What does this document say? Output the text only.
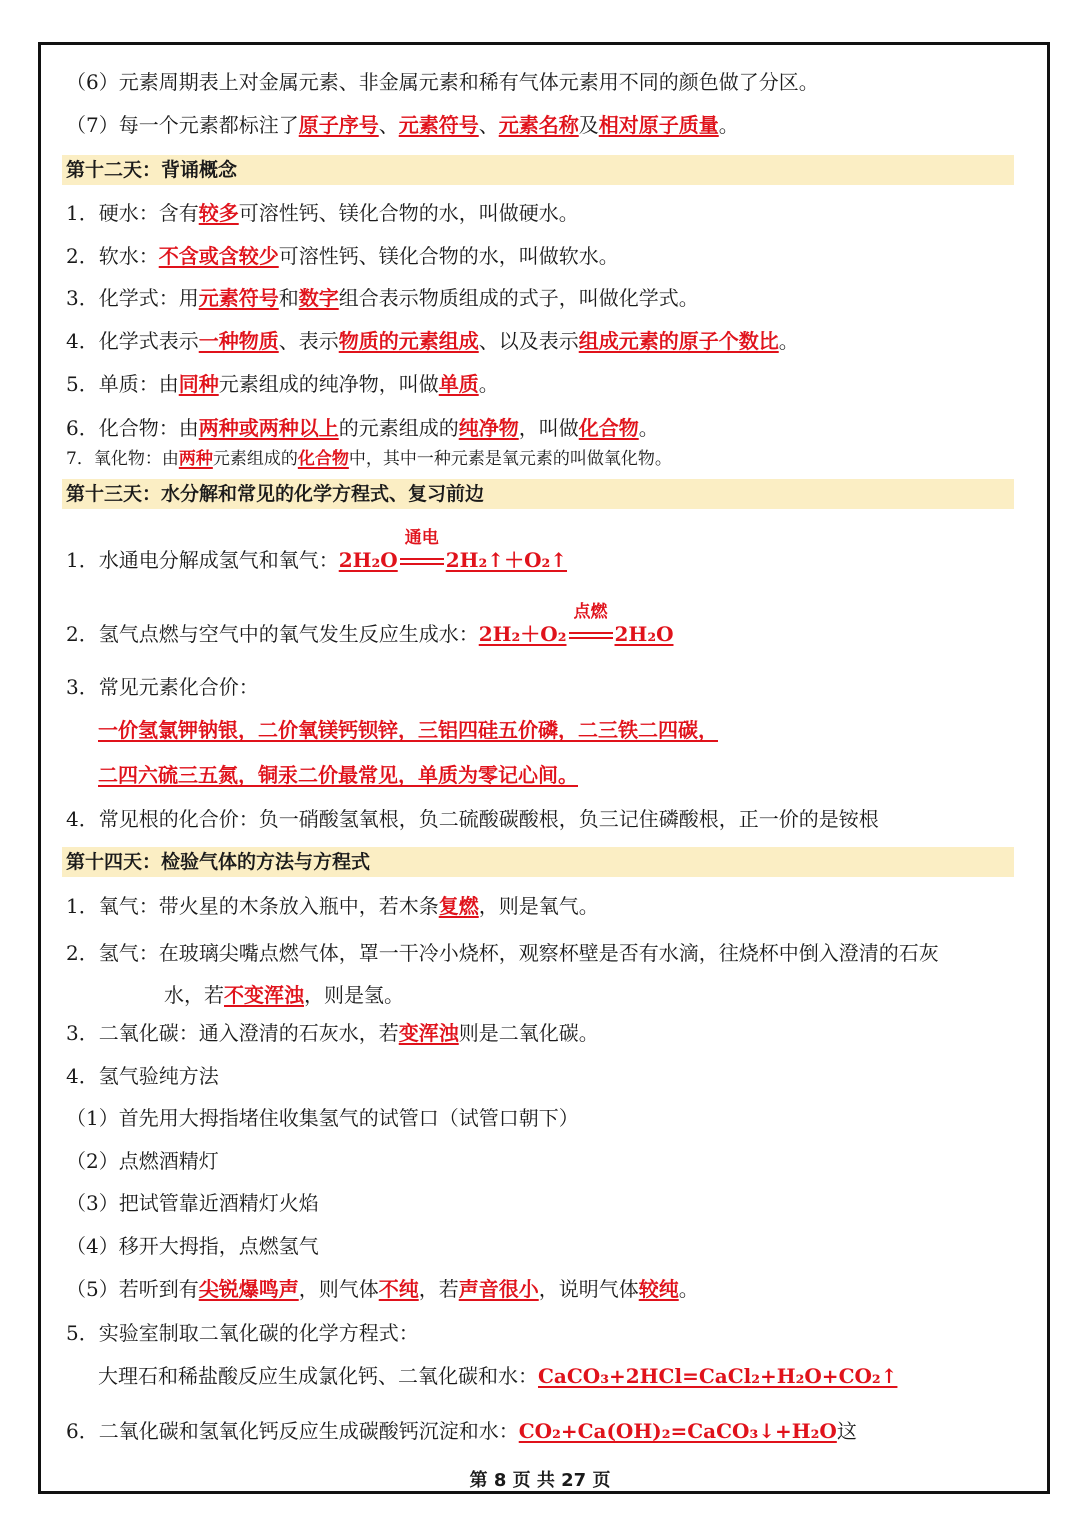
（6）元素周期表上对金属元素、非金属元素和稀有气体元素用不同的颜色做了分区。
（7）每一个元素都标注了原子序号、元素符号、元素名称及相对原子质量。
第十二天：背诵概念
1．硬水：含有较多可溶性钙、镁化合物的水，叫做硬水。
2．软水：不含或含较少可溶性钙、镁化合物的水，叫做软水。
3．化学式：用元素符号和数字组合表示物质组成的式子，叫做化学式。
4．化学式表示一种物质、表示物质的元素组成、以及表示组成元素的原子个数比。
5．单质：由同种元素组成的纯净物，叫做单质。
6．化合物：由两种或两种以上的元素组成的纯净物，叫做化合物。
7．氧化物：由两种元素组成的化合物中，其中一种元素是氧元素的叫做氧化物。
第十三天：水分解和常见的化学方程式、复习前边
1．水通电分解成氢气和氧气：2H₂O
通电
2H₂↑＋O₂↑
2．氢气点燃与空气中的氧气发生反应生成水：2H₂＋O₂
点燃
2H₂O
3．常见元素化合价：
一价氢氯钾钠银，二价氧镁钙钡锌，三铝四硅五价磷，二三铁二四碳，
二四六硫三五氮，铜汞二价最常见，单质为零记心间。
4．常见根的化合价：负一硝酸氢氧根，负二硫酸碳酸根，负三记住磷酸根，正一价的是铵根
第十四天：检验气体的方法与方程式
1．氧气：带火星的木条放入瓶中，若木条复燃，则是氧气。
2．氢气：在玻璃尖嘴点燃气体，罩一干冷小烧杯，观察杯壁是否有水滴，往烧杯中倒入澄清的石灰
水，若不变浑浊，则是氢。
3．二氧化碳：通入澄清的石灰水，若变浑浊则是二氧化碳。
4．氢气验纯方法
（1）首先用大拇指堵住收集氢气的试管口（试管口朝下）
（2）点燃酒精灯
（3）把试管靠近酒精灯火焰
（4）移开大拇指，点燃氢气
（5）若听到有尖锐爆鸣声，则气体不纯，若声音很小，说明气体较纯。
5．实验室制取二氧化碳的化学方程式：
大理石和稀盐酸反应生成氯化钙、二氧化碳和水：CaCO₃+2HCl=CaCl₂+H₂O+CO₂↑
6．二氧化碳和氢氧化钙反应生成碳酸钙沉淀和水：CO₂+Ca(OH)₂=CaCO₃↓+H₂O这
第 8 页 共 27 页
